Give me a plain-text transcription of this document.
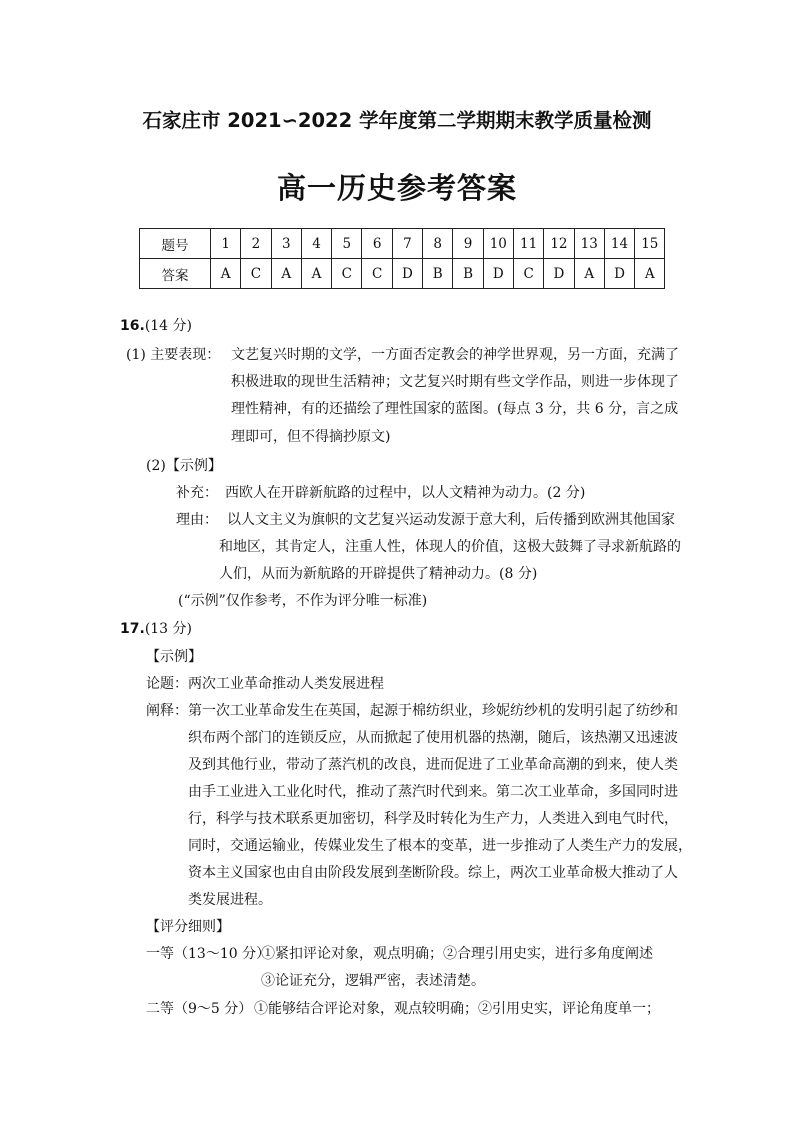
石家庄市 2021∽2022 学年度第二学期期末教学质量检测
高一历史参考答案
题号	1	2	3	4	5	6	7	8	9	10	11	12	13	14	15
答案	A	C	A	A	C	C	D	B	B	D	C	D	A	D	A
16.(14 分)
(1) 主要表现： 文艺复兴时期的文学，一方面否定教会的神学世界观，另一方面，充满了
积极进取的现世生活精神；文艺复兴时期有些文学作品，则进一步体现了
理性精神，有的还描绘了理性国家的蓝图。(每点 3 分，共 6 分，言之成
理即可，但不得摘抄原文)
(2)【示例】
补充： 西欧人在开辟新航路的过程中，以人文精神为动力。(2 分)
理由： 以人文主义为旗帜的文艺复兴运动发源于意大利，后传播到欧洲其他国家
和地区，其肯定人，注重人性，体现人的价值，这极大鼓舞了寻求新航路的
人们，从而为新航路的开辟提供了精神动力。(8 分)
(“示例”仅作参考，不作为评分唯一标准)
17.(13 分)
【示例】
论题：两次工业革命推动人类发展进程
阐释：第一次工业革命发生在英国，起源于棉纺织业，珍妮纺纱机的发明引起了纺纱和
织布两个部门的连锁反应，从而掀起了使用机器的热潮，随后，该热潮又迅速波
及到其他行业，带动了蒸汽机的改良，进而促进了工业革命高潮的到来，使人类
由手工业进入工业化时代，推动了蒸汽时代到来。第二次工业革命，多国同时进
行，科学与技术联系更加密切，科学及时转化为生产力，人类进入到电气时代，
同时，交通运输业，传媒业发生了根本的变革，进一步推动了人类生产力的发展，
资本主义国家也由自由阶段发展到垄断阶段。综上，两次工业革命极大推动了人
类发展进程。
【评分细则】
一等（13～10 分）
①紧扣评论对象，观点明确；②合理引用史实，进行多角度阐述
③论证充分，逻辑严密，表述清楚。
二等（9～5 分） ①能够结合评论对象，观点较明确；②引用史实，评论角度单一；
